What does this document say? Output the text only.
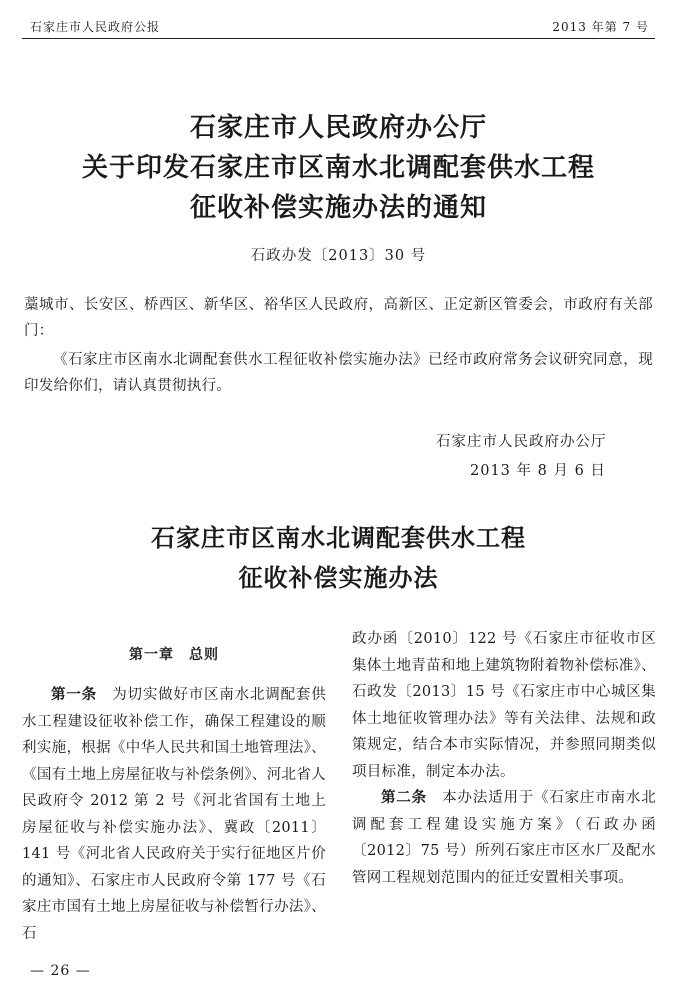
石家庄市人民政府公报	2013 年第 7 号
石家庄市人民政府办公厅
关于印发石家庄市区南水北调配套供水工程
征收补偿实施办法的通知
石政办发〔2013〕30 号
藁城市、长安区、桥西区、新华区、裕华区人民政府，高新区、正定新区管委会，市政府有关部门：
《石家庄市区南水北调配套供水工程征收补偿实施办法》已经市政府常务会议研究同意，现印发给你们，请认真贯彻执行。
石家庄市人民政府办公厅
2013 年 8 月 6 日
石家庄市区南水北调配套供水工程
征收补偿实施办法
第一章　总则

第一条　 为切实做好市区南水北调配套供水工程建设征收补偿工作，确保工程建设的顺利实施，根据《中华人民共和国土地管理法》、《国有土地上房屋征收与补偿条例》、河北省人民政府令 2012 第 2 号《河北省国有土地上房屋征收与补偿实施办法》、冀政〔2011〕141 号《河北省人民政府关于实行征地区片价的通知》、石家庄市人民政府令第 177 号《石家庄市国有土地上房屋征收与补偿暂行办法》、石

政办函〔2010〕122 号《石家庄市征收市区集体土地青苗和地上建筑物附着物补偿标准》、石政发〔2013〕15 号《石家庄市中心城区集体土地征收管理办法》等有关法律、法规和政策规定，结合本市实际情况，并参照同期类似项目标准，制定本办法。

第二条　 本办法适用于《石家庄市南水北调配套工程建设实施方案》（石政办函〔2012〕75 号）所列石家庄市区水厂及配水管网工程规划范围内的征迁安置相关事项。

— 26 —
